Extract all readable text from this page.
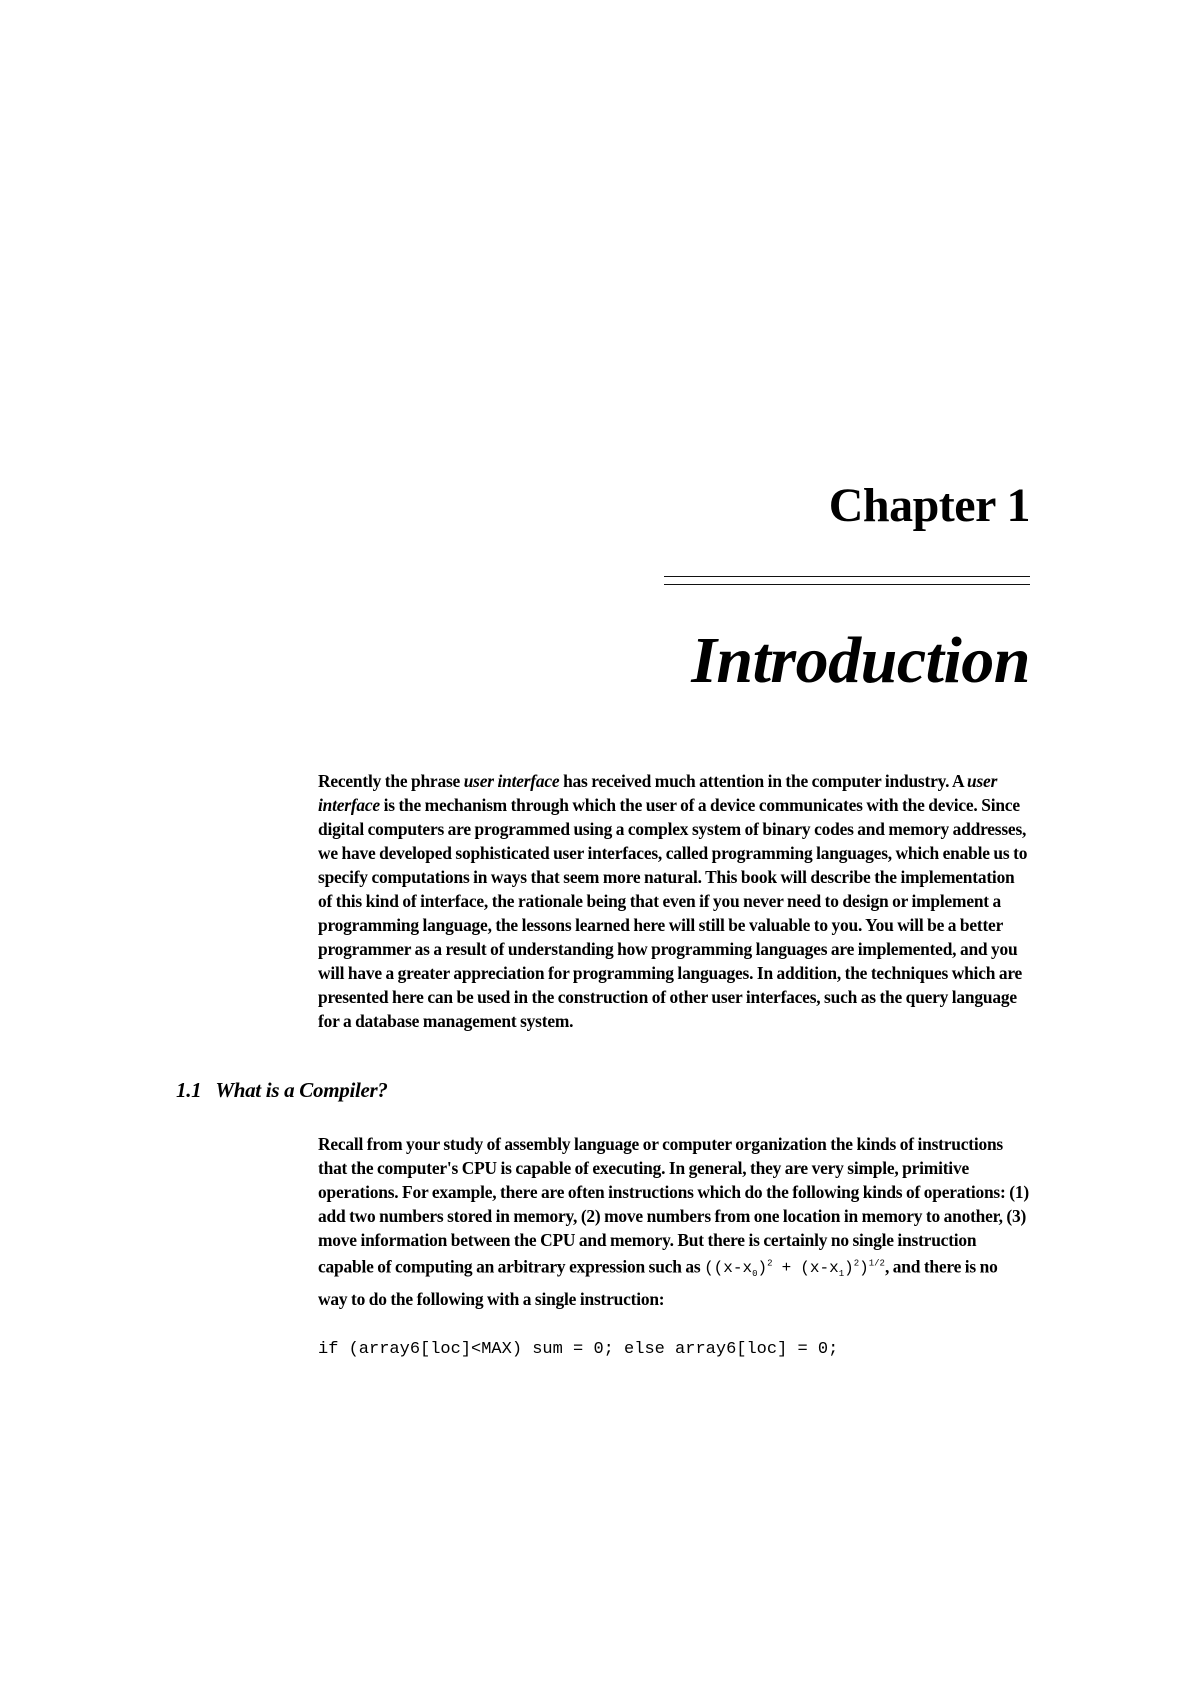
Chapter 1
Introduction

Recently the phrase user interface has received much attention in the computer industry. A user interface is the mechanism through which the user of a device communicates with the device. Since digital computers are programmed using a complex system of binary codes and memory addresses, we have developed sophisticated user interfaces, called programming languages, which enable us to specify computations in ways that seem more natural. This book will describe the implementation of this kind of interface, the rationale being that even if you never need to design or implement a programming language, the lessons learned here will still be valuable to you. You will be a better programmer as a result of understanding how programming languages are implemented, and you will have a greater appreciation for programming languages. In addition, the techniques which are presented here can be used in the construction of other user interfaces, such as the query language for a database management system.

1.1 What is a Compiler?

Recall from your study of assembly language or computer organization the kinds of instructions that the computer's CPU is capable of executing. In general, they are very simple, primitive operations. For example, there are often instructions which do the following kinds of operations: (1) add two numbers stored in memory, (2) move numbers from one location in memory to another, (3) move information between the CPU and memory. But there is certainly no single instruction capable of computing an arbitrary expression such as $((x-x_0)^2 + (x-x_1)^2)^{1/2}$, and there is no way to do the following with a single instruction:

if (array6[loc]<MAX) sum = 0; else array6[loc] = 0;
